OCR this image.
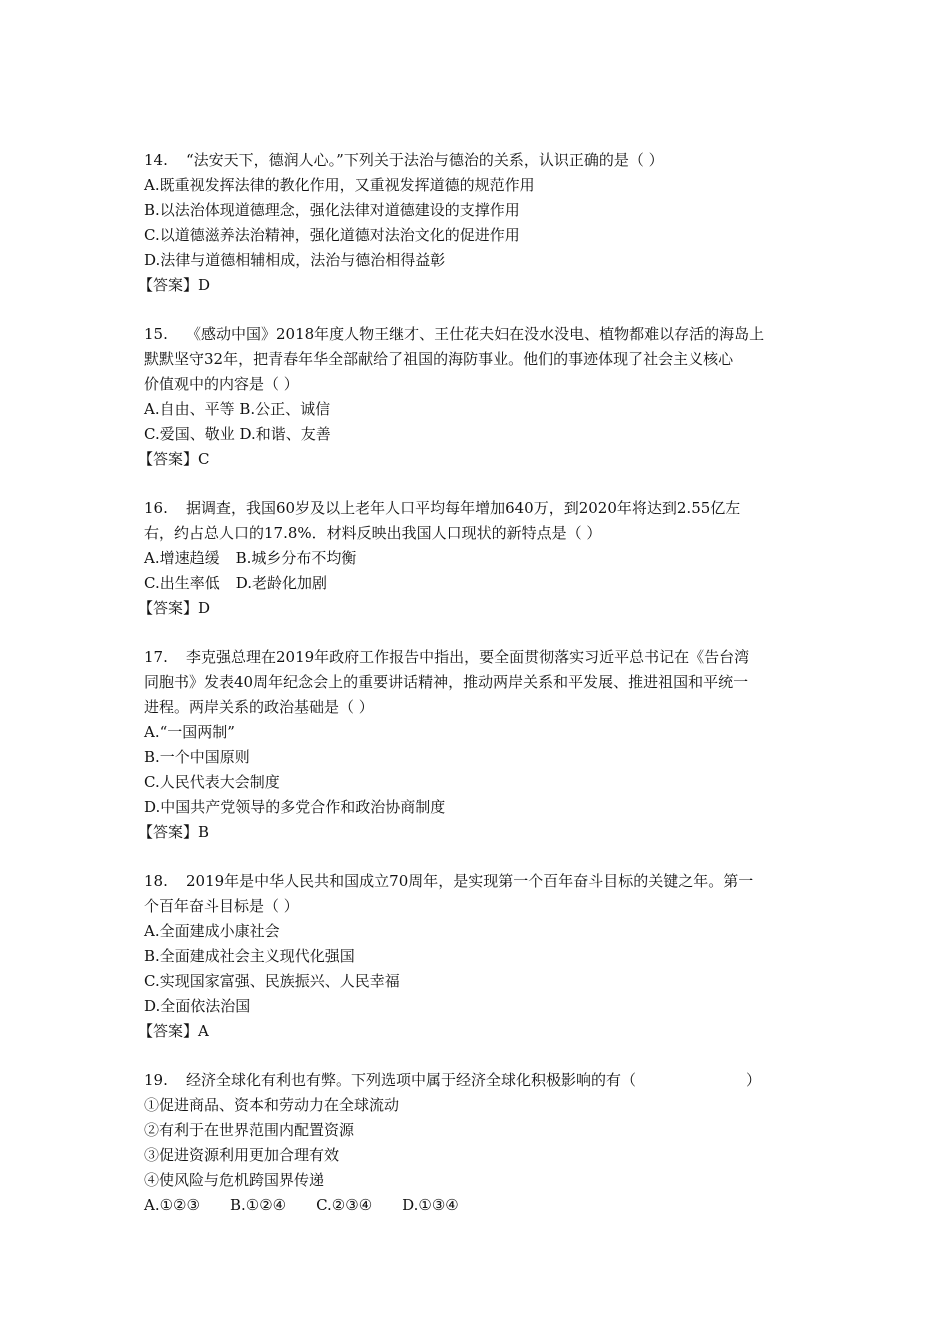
14. “法安天下，德润人心。”下列关于法治与德治的关系，认识正确的是（ ）
A.既重视发挥法律的教化作用，又重视发挥道德的规范作用
B.以法治体现道德理念，强化法律对道德建设的支撑作用
C.以道德滋养法治精神，强化道德对法治文化的促进作用
D.法律与道德相辅相成，法治与德治相得益彰
【答案】D
15. 《感动中国》2018年度人物王继才、王仕花夫妇在没水没电、植物都难以存活的海岛上
默默坚守32年，把青春年华全部献给了祖国的海防事业。他们的事迹体现了社会主义核心
价值观中的内容是（ ）
A.自由、平等 B.公正、诚信
C.爱国、敬业 D.和谐、友善
【答案】C
16. 据调查，我国60岁及以上老年人口平均每年增加640万，到2020年将达到2.55亿左
右，约占总人口的17.8%．材料反映出我国人口现状的新特点是（ ）
A.增速趋缓 B.城乡分布不均衡
C.出生率低 D.老龄化加剧
【答案】D
17. 李克强总理在2019年政府工作报告中指出，要全面贯彻落实习近平总书记在《告台湾
同胞书》发表40周年纪念会上的重要讲话精神，推动两岸关系和平发展、推进祖国和平统一
进程。两岸关系的政治基础是（ ）
A.“一国两制”
B.一个中国原则
C.人民代表大会制度
D.中国共产党领导的多党合作和政治协商制度
【答案】B
18. 2019年是中华人民共和国成立70周年，是实现第一个百年奋斗目标的关键之年。第一
个百年奋斗目标是（ ）
A.全面建成小康社会
B.全面建成社会主义现代化强国
C.实现国家富强、民族振兴、人民幸福
D.全面依法治国
【答案】A
19. 经济全球化有利也有弊。下列选项中属于经济全球化积极影响的有（	）
①促进商品、资本和劳动力在全球流动
②有利于在世界范围内配置资源
③促进资源利用更加合理有效
④使风险与危机跨国界传递
A.①②③ B.①②④ C.②③④ D.①③④
